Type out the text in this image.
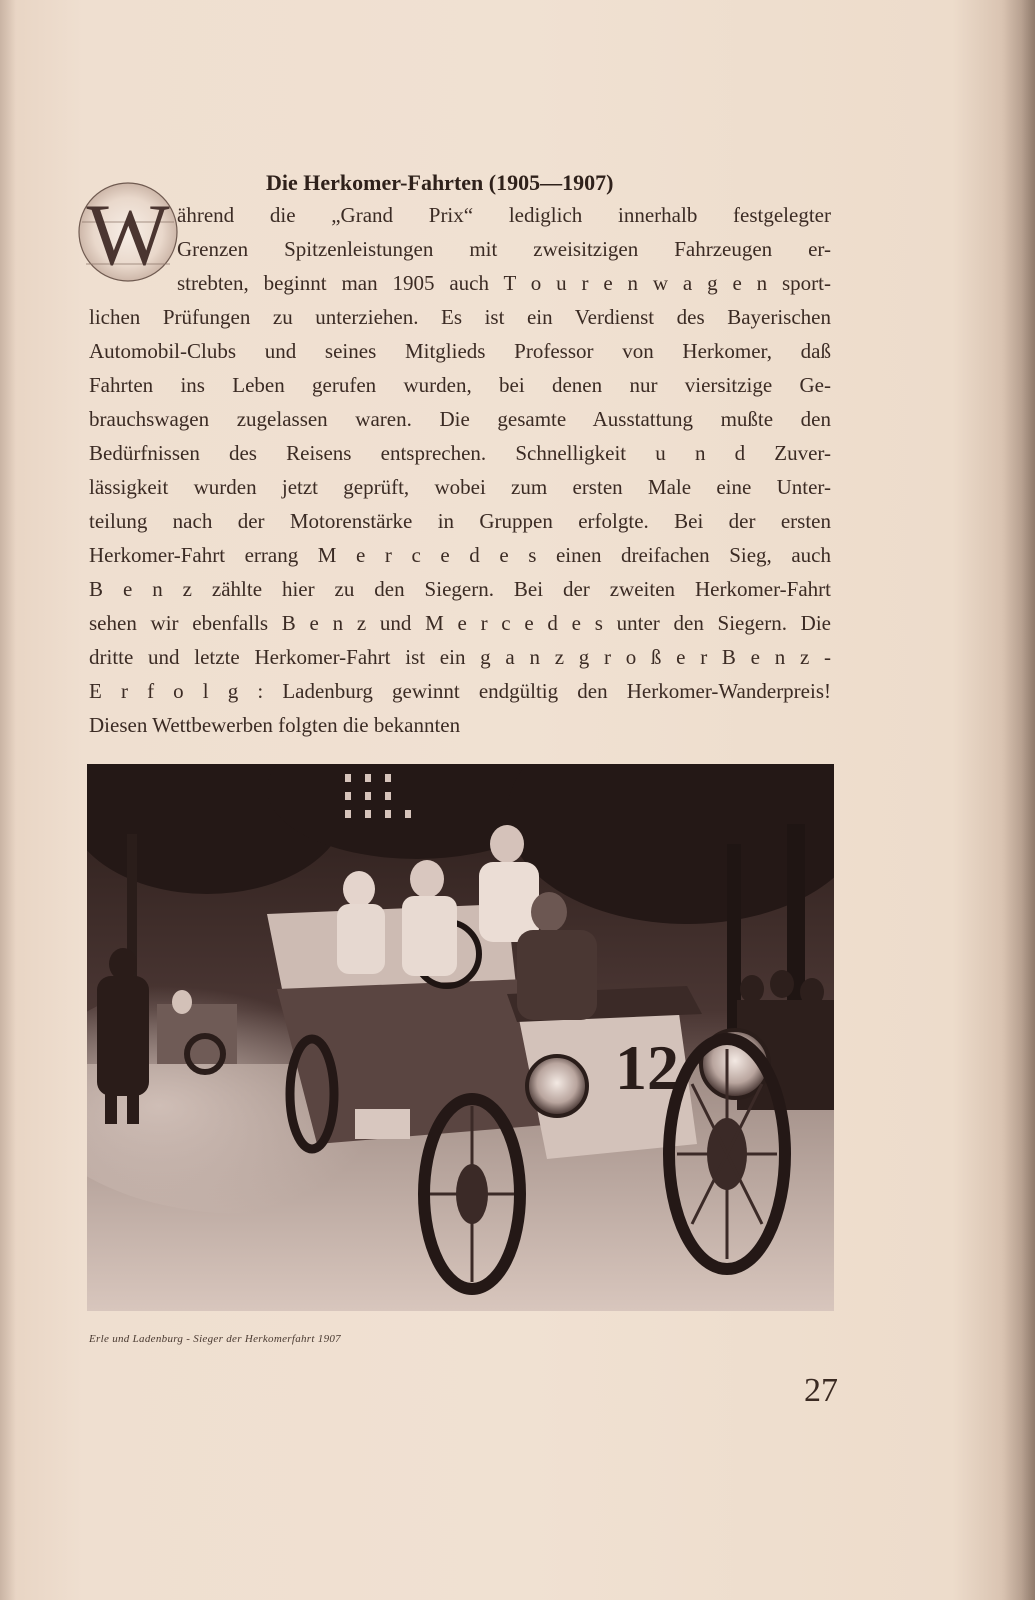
Die Herkomer-Fahrten (1905—1907)
W ährend die „Grand Prix“ lediglich innerhalb festgelegter
Grenzen Spitzenleistungen mit zweisitzigen Fahrzeugen er-
strebten, beginnt man 1905 auch T o u r e n w a g e n sport-
lichen Prüfungen zu unterziehen. Es ist ein Verdienst des Bayerischen
Automobil-Clubs und seines Mitglieds Professor von Herkomer, daß
Fahrten ins Leben gerufen wurden, bei denen nur viersitzige Ge-
brauchswagen zugelassen waren. Die gesamte Ausstattung mußte den
Bedürfnissen des Reisens entsprechen. Schnelligkeit u n d Zuver-
lässigkeit wurden jetzt geprüft, wobei zum ersten Male eine Unter-
teilung nach der Motorenstärke in Gruppen erfolgte. Bei der ersten
Herkomer-Fahrt errang M e r c e d e s einen dreifachen Sieg, auch
B e n z zählte hier zu den Siegern. Bei der zweiten Herkomer-Fahrt
sehen wir ebenfalls B e n z und M e r c e d e s unter den Siegern. Die
dritte und letzte Herkomer-Fahrt ist ein g a n z g r o ß e r B e n z -
E r f o l g : Ladenburg gewinnt endgültig den Herkomer-Wanderpreis!
Diesen Wettbewerben folgten die bekannten
12
Erle und Ladenburg - Sieger der Herkomerfahrt 1907
27
